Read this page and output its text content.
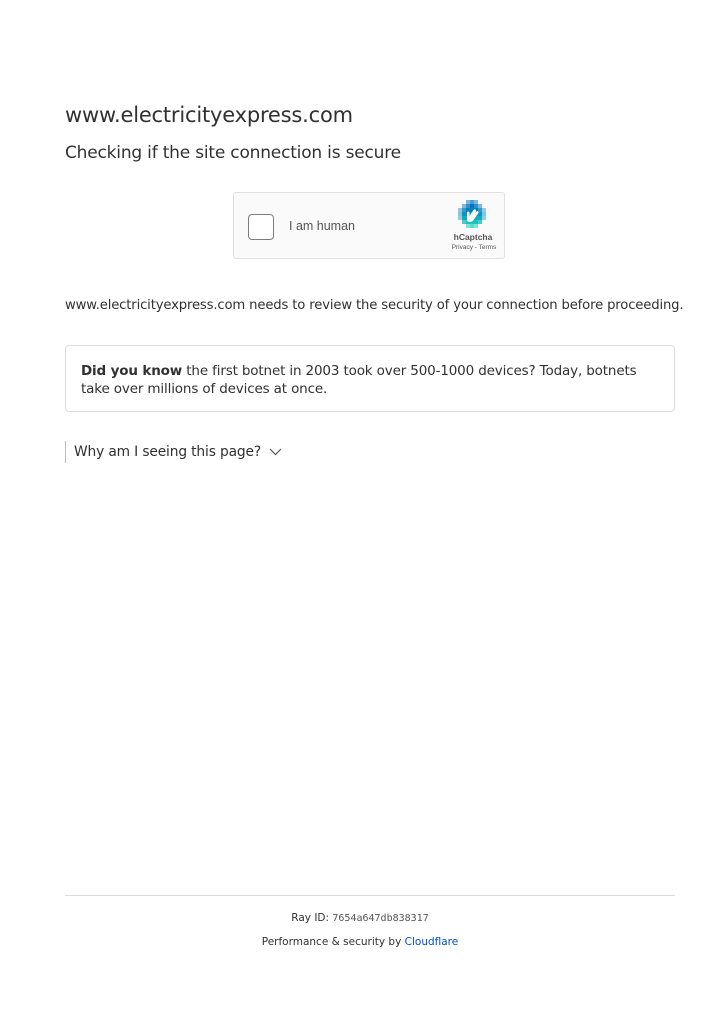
www.electricityexpress.com
Checking if the site connection is secure
I am human
hCaptcha
Privacy - Terms
www.electricityexpress.com needs to review the security of your connection before proceeding.
Did you know the first botnet in 2003 took over 500-1000 devices? Today, botnets take over millions of devices at once.
Why am I seeing this page?
Ray ID: 7654a647db838317
Performance & security by Cloudflare
